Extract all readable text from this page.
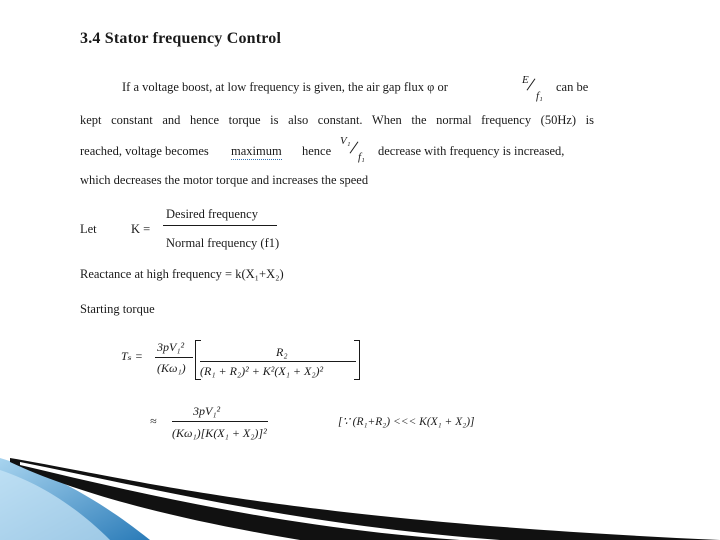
3.4 Stator frequency Control
If a voltage boost, at low frequency is given, the air gap flux φ or	E
f₁
can be
kept constant and hence torque is also constant. When the normal frequency (50Hz) is
reached, voltage becomes maximum hence
V₁
f₁ decrease with frequency is increased,
which decreases the motor torque and increases the speed
Let	K =
Desired frequency
Normal frequency (f1)
Reactance at high frequency = k(X₁+X₂)
Starting torque
Tₛ =
3pV₁²
(Kω₁)
R₂
(R₁ + R₂)² + K²(X₁ + X₂)²
≈
3pV₁²
(Kω₁)[K(X₁ + X₂)]²
[∵ (R₁+R₂) <<< K(X₁ + X₂)]
